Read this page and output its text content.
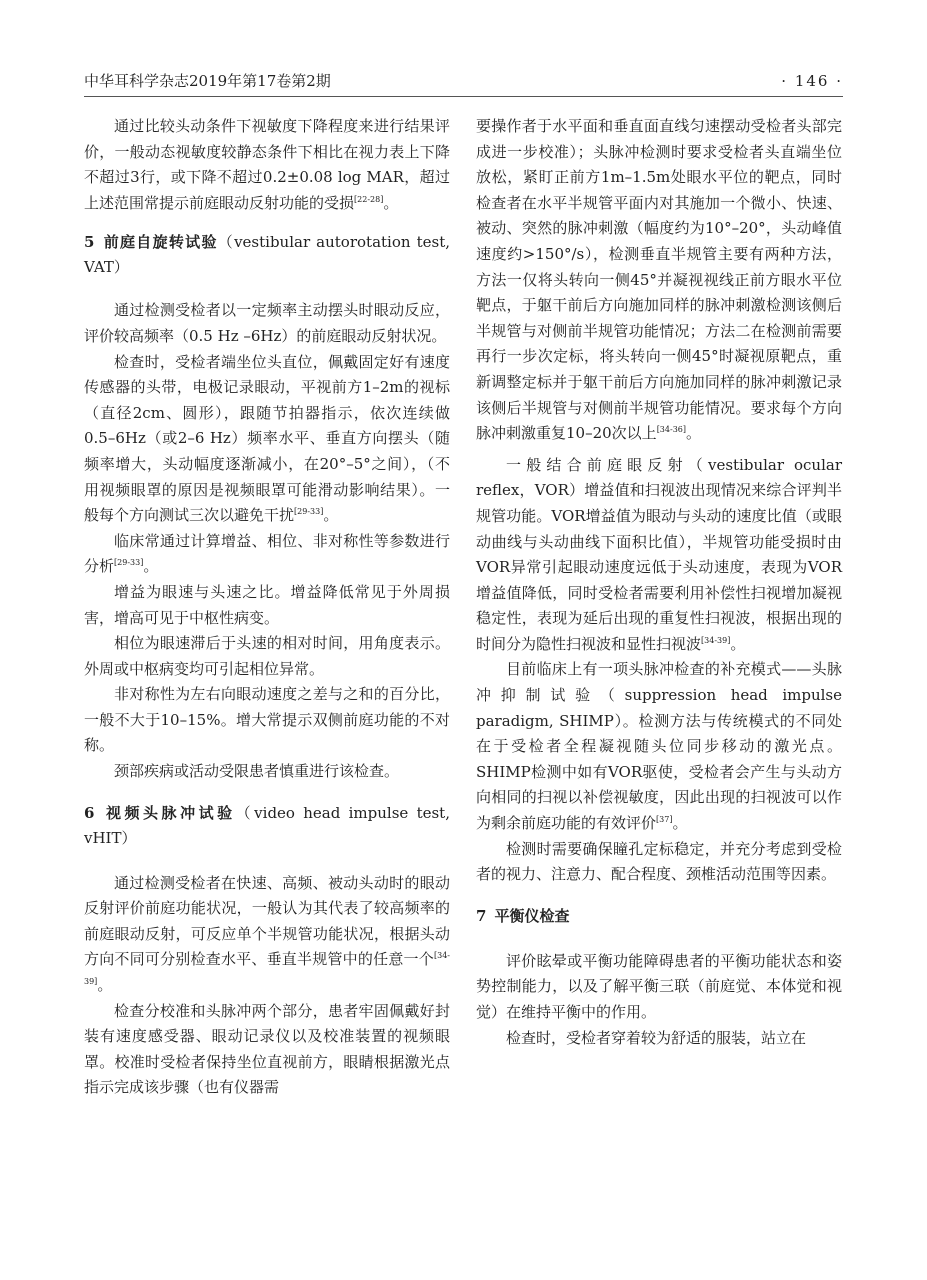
中华耳科学杂志2019年第17卷第2期	· 146 ·

通过比较头动条件下视敏度下降程度来进行结果评价，一般动态视敏度较静态条件下相比在视力表上下降不超过3行，或下降不超过0.2±0.08 log MAR，超过上述范围常提示前庭眼动反射功能的受损[22-28]。

5 前庭自旋转试验（vestibular autorotation test, VAT）

通过检测受检者以一定频率主动摆头时眼动反应，评价较高频率（0.5 Hz –6Hz）的前庭眼动反射状况。

检查时，受检者端坐位头直位，佩戴固定好有速度传感器的头带，电极记录眼动，平视前方1–2m的视标（直径2cm、圆形），跟随节拍器指示，依次连续做0.5–6Hz（或2–6 Hz）频率水平、垂直方向摆头（随频率增大，头动幅度逐渐减小，在20°–5°之间），（不用视频眼罩的原因是视频眼罩可能滑动影响结果）。一般每个方向测试三次以避免干扰[29-33]。

临床常通过计算增益、相位、非对称性等参数进行分析[29-33]。

增益为眼速与头速之比。增益降低常见于外周损害，增高可见于中枢性病变。

相位为眼速滞后于头速的相对时间，用角度表示。外周或中枢病变均可引起相位异常。

非对称性为左右向眼动速度之差与之和的百分比，一般不大于10–15%。增大常提示双侧前庭功能的不对称。

颈部疾病或活动受限患者慎重进行该检查。

6 视频头脉冲试验（video head impulse test, vHIT）

通过检测受检者在快速、高频、被动头动时的眼动反射评价前庭功能状况，一般认为其代表了较高频率的前庭眼动反射，可反应单个半规管功能状况，根据头动方向不同可分别检查水平、垂直半规管中的任意一个[34-39]。

检查分校准和头脉冲两个部分，患者牢固佩戴好封装有速度感受器、眼动记录仪以及校准装置的视频眼罩。校准时受检者保持坐位直视前方，眼睛根据激光点指示完成该步骤（也有仪器需

要操作者于水平面和垂直面直线匀速摆动受检者头部完成进一步校准）；头脉冲检测时要求受检者头直端坐位放松，紧盯正前方1m–1.5m处眼水平位的靶点，同时检查者在水平半规管平面内对其施加一个微小、快速、被动、突然的脉冲刺激（幅度约为10°–20°，头动峰值速度约>150°/s），检测垂直半规管主要有两种方法，方法一仅将头转向一侧45°并凝视视线正前方眼水平位靶点，于躯干前后方向施加同样的脉冲刺激检测该侧后半规管与对侧前半规管功能情况；方法二在检测前需要再行一步次定标，将头转向一侧45°时凝视原靶点，重新调整定标并于躯干前后方向施加同样的脉冲刺激记录该侧后半规管与对侧前半规管功能情况。要求每个方向脉冲刺激重复10–20次以上[34-36]。

一般结合前庭眼反射（vestibular ocular reflex，VOR）增益值和扫视波出现情况来综合评判半规管功能。VOR增益值为眼动与头动的速度比值（或眼动曲线与头动曲线下面积比值），半规管功能受损时由VOR异常引起眼动速度远低于头动速度，表现为VOR增益值降低，同时受检者需要利用补偿性扫视增加凝视稳定性，表现为延后出现的重复性扫视波，根据出现的时间分为隐性扫视波和显性扫视波[34-39]。

目前临床上有一项头脉冲检查的补充模式——头脉冲抑制试验（suppression head impulse paradigm, SHIMP）。检测方法与传统模式的不同处在于受检者全程凝视随头位同步移动的激光点。SHIMP检测中如有VOR驱使，受检者会产生与头动方向相同的扫视以补偿视敏度，因此出现的扫视波可以作为剩余前庭功能的有效评价[37]。

检测时需要确保瞳孔定标稳定，并充分考虑到受检者的视力、注意力、配合程度、颈椎活动范围等因素。

7 平衡仪检查

评价眩晕或平衡功能障碍患者的平衡功能状态和姿势控制能力，以及了解平衡三联（前庭觉、本体觉和视觉）在维持平衡中的作用。

检查时，受检者穿着较为舒适的服装，站立在
